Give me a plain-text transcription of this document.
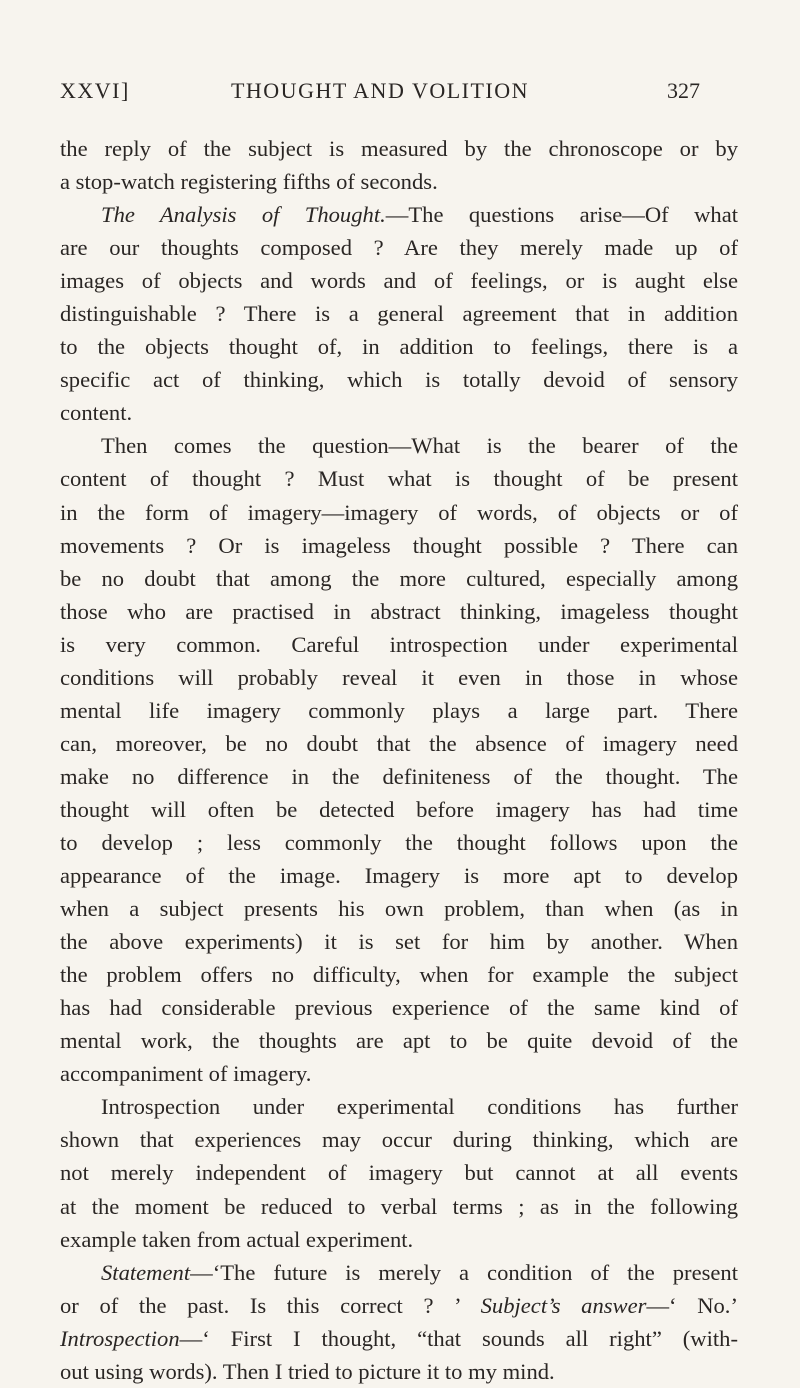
XXVI]	THOUGHT AND VOLITION	327
the reply of the subject is measured by the chronoscope or by
a stop-watch registering fifths of seconds.
The Analysis of Thought.—The questions arise—Of what
are our thoughts composed ? Are they merely made up of
images of objects and words and of feelings, or is aught else
distinguishable ? There is a general agreement that in addition
to the objects thought of, in addition to feelings, there is a
specific act of thinking, which is totally devoid of sensory
content.
Then comes the question—What is the bearer of the
content of thought ? Must what is thought of be present
in the form of imagery—imagery of words, of objects or of
movements ? Or is imageless thought possible ? There can
be no doubt that among the more cultured, especially among
those who are practised in abstract thinking, imageless thought
is very common. Careful introspection under experimental
conditions will probably reveal it even in those in whose
mental life imagery commonly plays a large part. There
can, moreover, be no doubt that the absence of imagery need
make no difference in the definiteness of the thought. The
thought will often be detected before imagery has had time
to develop ; less commonly the thought follows upon the
appearance of the image. Imagery is more apt to develop
when a subject presents his own problem, than when (as in
the above experiments) it is set for him by another. When
the problem offers no difficulty, when for example the subject
has had considerable previous experience of the same kind of
mental work, the thoughts are apt to be quite devoid of the
accompaniment of imagery.
Introspection under experimental conditions has further
shown that experiences may occur during thinking, which are
not merely independent of imagery but cannot at all events
at the moment be reduced to verbal terms ; as in the following
example taken from actual experiment.
Statement—‘The future is merely a condition of the present
or of the past. Is this correct ? ’ Subject’s answer—‘ No.’
Introspection—‘ First I thought, “that sounds all right” (with-
out using words). Then I tried to picture it to my mind.
